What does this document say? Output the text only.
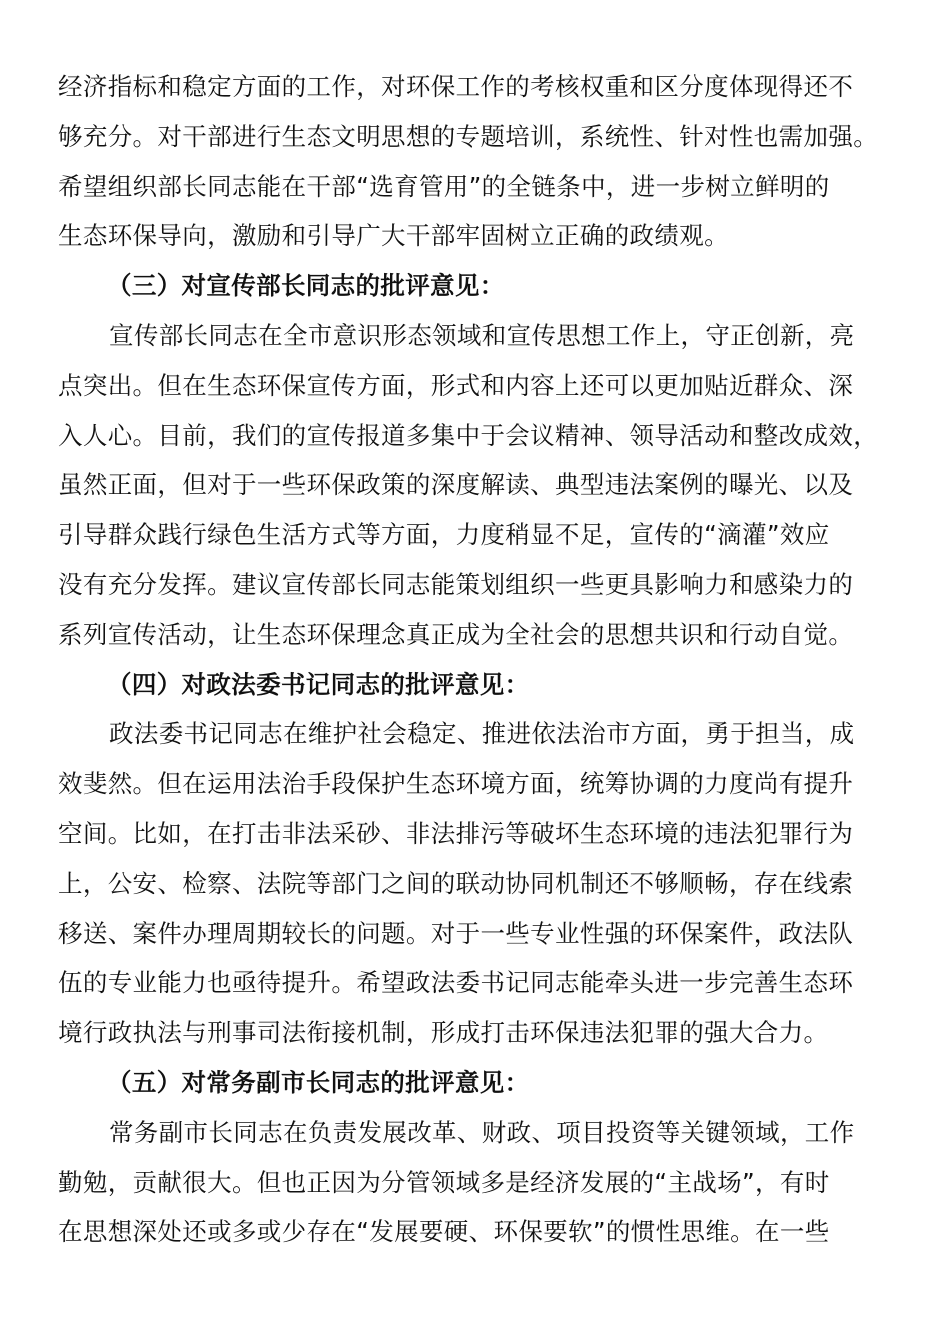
经济指标和稳定方面的工作，对环保工作的考核权重和区分度体现得还不
够充分。对干部进行生态文明思想的专题培训，系统性、针对性也需加强。
希望组织部长同志能在干部“选育管用”的全链条中，进一步树立鲜明的
生态环保导向，激励和引导广大干部牢固树立正确的政绩观。
（三）对宣传部长同志的批评意见：
宣传部长同志在全市意识形态领域和宣传思想工作上，守正创新，亮
点突出。但在生态环保宣传方面，形式和内容上还可以更加贴近群众、深
入人心。目前，我们的宣传报道多集中于会议精神、领导活动和整改成效，
虽然正面，但对于一些环保政策的深度解读、典型违法案例的曝光、以及
引导群众践行绿色生活方式等方面，力度稍显不足，宣传的“滴灌”效应
没有充分发挥。建议宣传部长同志能策划组织一些更具影响力和感染力的
系列宣传活动，让生态环保理念真正成为全社会的思想共识和行动自觉。
（四）对政法委书记同志的批评意见：
政法委书记同志在维护社会稳定、推进依法治市方面，勇于担当，成
效斐然。但在运用法治手段保护生态环境方面，统筹协调的力度尚有提升
空间。比如，在打击非法采砂、非法排污等破坏生态环境的违法犯罪行为
上，公安、检察、法院等部门之间的联动协同机制还不够顺畅，存在线索
移送、案件办理周期较长的问题。对于一些专业性强的环保案件，政法队
伍的专业能力也亟待提升。希望政法委书记同志能牵头进一步完善生态环
境行政执法与刑事司法衔接机制，形成打击环保违法犯罪的强大合力。
（五）对常务副市长同志的批评意见：
常务副市长同志在负责发展改革、财政、项目投资等关键领域，工作
勤勉，贡献很大。但也正因为分管领域多是经济发展的“主战场”，有时
在思想深处还或多或少存在“发展要硬、环保要软”的惯性思维。在一些
